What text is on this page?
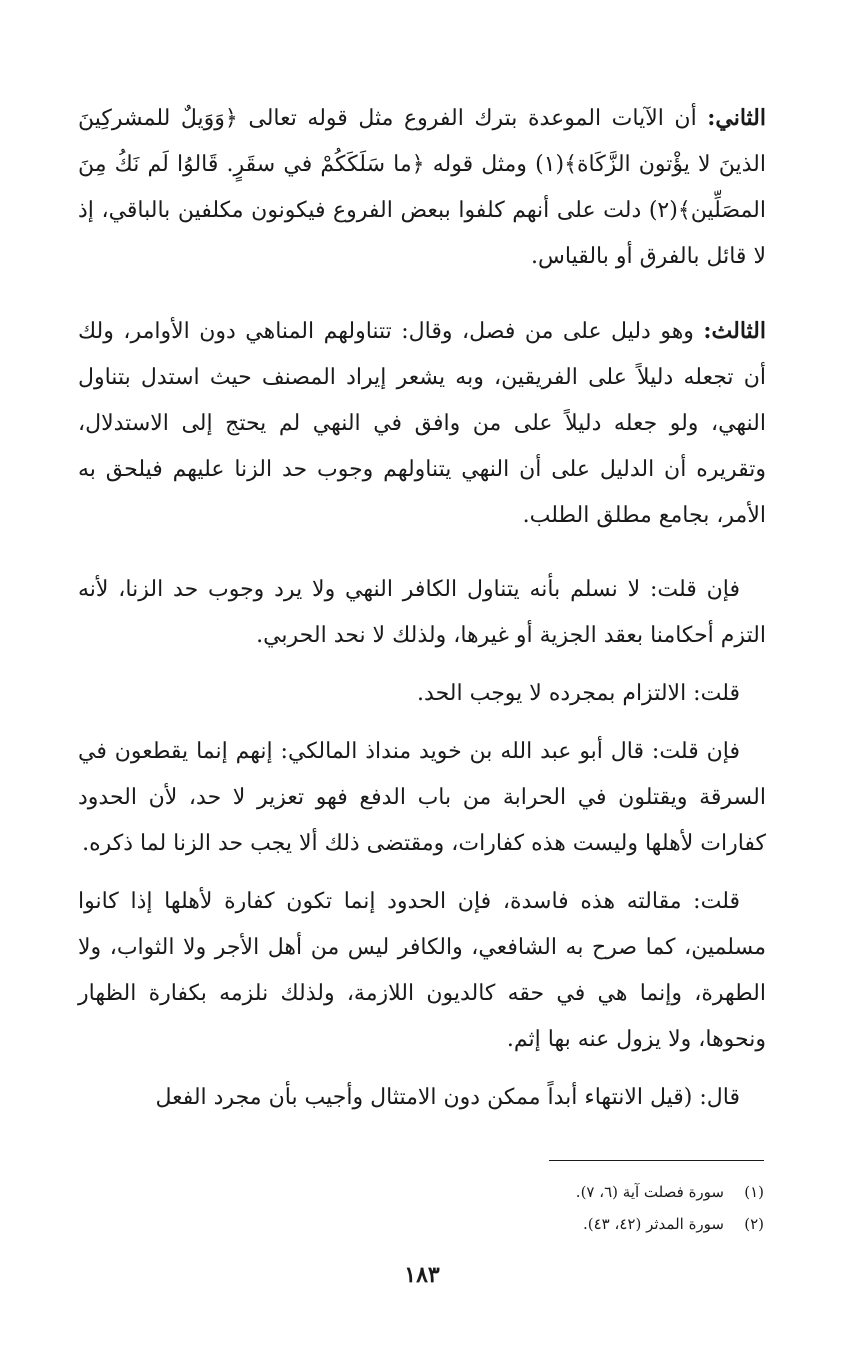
الثاني: أن الآيات الموعدة بترك الفروع مثل قوله تعالى ﴿وَوَيلٌ للمشركِينَ الذينَ لا يؤْتون الزَّكَاة﴾(١) ومثل قوله ﴿ما سَلَكَكُمْ في سقَرٍ. قَالوُا لَم نَكُ مِنَ المصَلِّين﴾(٢) دلت على أنهم كلفوا ببعض الفروع فيكونون مكلفين بالباقي، إذ لا قائل بالفرق أو بالقياس.

الثالث: وهو دليل على من فصل، وقال: تتناولهم المناهي دون الأوامر، ولك أن تجعله دليلاً على الفريقين، وبه يشعر إيراد المصنف حيث استدل بتناول النهي، ولو جعله دليلاً على من وافق في النهي لم يحتج إلى الاستدلال، وتقريره أن الدليل على أن النهي يتناولهم وجوب حد الزنا عليهم فيلحق به الأمر، بجامع مطلق الطلب.

فإن قلت: لا نسلم بأنه يتناول الكافر النهي ولا يرد وجوب حد الزنا، لأنه التزم أحكامنا بعقد الجزية أو غيرها، ولذلك لا نحد الحربي.

قلت: الالتزام بمجرده لا يوجب الحد.

فإن قلت: قال أبو عبد الله بن خويد منداذ المالكي: إنهم إنما يقطعون في السرقة ويقتلون في الحرابة من باب الدفع فهو تعزير لا حد، لأن الحدود كفارات لأهلها وليست هذه كفارات، ومقتضى ذلك ألا يجب حد الزنا لما ذكره.

قلت: مقالته هذه فاسدة، فإن الحدود إنما تكون كفارة لأهلها إذا كانوا مسلمين، كما صرح به الشافعي، والكافر ليس من أهل الأجر ولا الثواب، ولا الطهرة، وإنما هي في حقه كالديون اللازمة، ولذلك نلزمه بكفارة الظهار ونحوها، ولا يزول عنه بها إثم.

قال: (قيل الانتهاء أبداً ممكن دون الامتثال وأجيب بأن مجرد الفعل

(١)سورة فصلت آية (٦، ٧).
(٢)سورة المدثر (٤٢، ٤٣).
١٨٣
